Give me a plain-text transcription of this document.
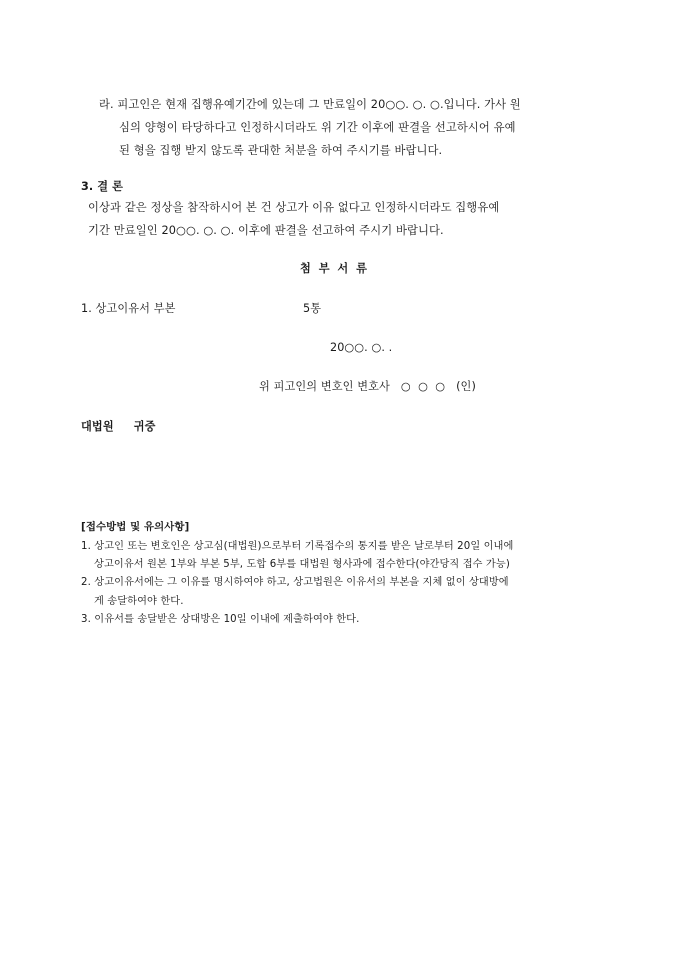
라. 피고인은 현재 집행유예기간에 있는데 그 만료일이 20○○. ○. ○.입니다. 가사 원
심의 양형이 타당하다고 인정하시더라도 위 기간 이후에 판결을 선고하시어 유예
된 형을 집행 받지 않도록 관대한 처분을 하여 주시기를 바랍니다.
3. 결 론
이상과 같은 정상을 참작하시어 본 건 상고가 이유 없다고 인정하시더라도 집행유예
기간 만료일인 20○○. ○. ○. 이후에 판결을 선고하여 주시기 바랍니다.
첨 부 서 류
1. 상고이유서 부본	5통
20○○. ○. .
위 피고인의 변호인 변호사   ○  ○  ○   (인)
대법원     귀중
[접수방법 및 유의사항]
1. 상고인 또는 변호인은 상고심(대법원)으로부터 기록접수의 통지를 받은 날로부터 20일 이내에
상고이유서 원본 1부와 부본 5부, 도합 6부를 대법원 형사과에 접수한다(야간당직 접수 가능)
2. 상고이유서에는 그 이유를 명시하여야 하고, 상고법원은 이유서의 부본을 지체 없이 상대방에
게 송달하여야 한다.
3. 이유서를 송달받은 상대방은 10일 이내에 제출하여야 한다.
